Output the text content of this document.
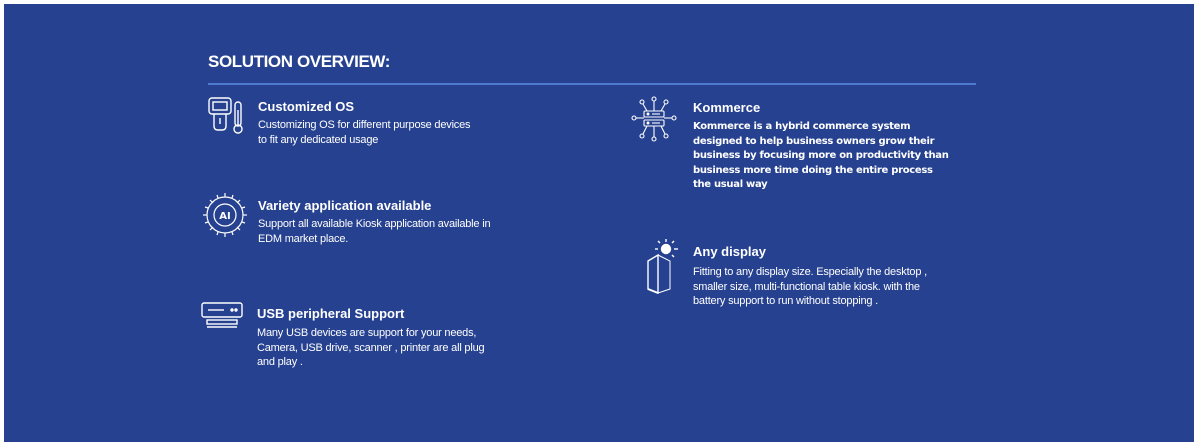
SOLUTION OVERVIEW:
Customized OS

Customizing OS for different purpose devices
to fit any dedicated usage

AI
Variety application available

Support all available Kiosk application available in
EDM market place.

USB peripheral Support

Many USB devices are support for your needs,
Camera, USB drive, scanner , printer are all plug
and play .

Kommerce

Kommerce is a hybrid commerce system
designed to help business owners grow their
business by focusing more on productivity than
business more time doing the entire process
the usual way

Any display

Fitting to any display size. Especially the desktop ,
smaller size, multi-functional table kiosk. with the
battery support to run without stopping .
